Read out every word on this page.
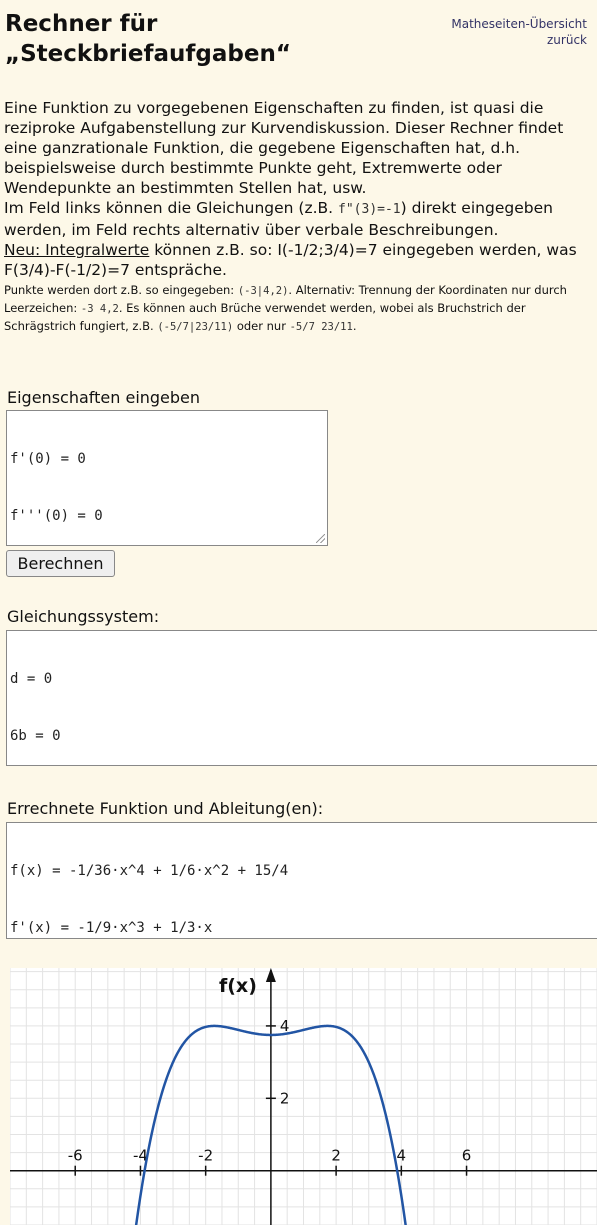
Rechner für
„Steckbriefaufgaben“
Matheseiten-Übersicht
zurück

Eine Funktion zu vorgegebenen Eigenschaften zu finden, ist quasi die reziproke Aufgabenstellung zur Kurvendiskussion. Dieser Rechner findet eine ganzrationale Funktion, die gegebene Eigenschaften hat, d.h. beispielsweise durch bestimmte Punkte geht, Extremwerte oder Wendepunkte an bestimmten Stellen hat, usw.

Im Feld links können die Gleichungen (z.B. f"(3)=-1) direkt eingegeben werden, im Feld rechts alternativ über verbale Beschreibungen.

Neu: Integralwerte können z.B. so: I(-1/2;3/4)=7 eingegeben werden, was F(3/4)-F(-1/2)=7 entspräche.

Punkte werden dort z.B. so eingegeben: (-3|4,2). Alternativ: Trennung der Koordinaten nur durch Leerzeichen: -3 4,2. Es können auch Brüche verwendet werden, wobei als Bruchstrich der Schrägstrich fungiert, z.B. (-5/7|23/11) oder nur -5/7 23/11.

Eigenschaften eingeben

f'(0) = 0

f'''(0) = 0

Berechnen
Gleichungssystem:

d = 0

6b = 0

Errechnete Funktion und Ableitung(en):

f(x) = -1/36·x^4 + 1/6·x^2 + 15/4

f'(x) = -1/9·x^3 + 1/3·x

f(x)
-6	-4	-2	2	4	6
2
4
